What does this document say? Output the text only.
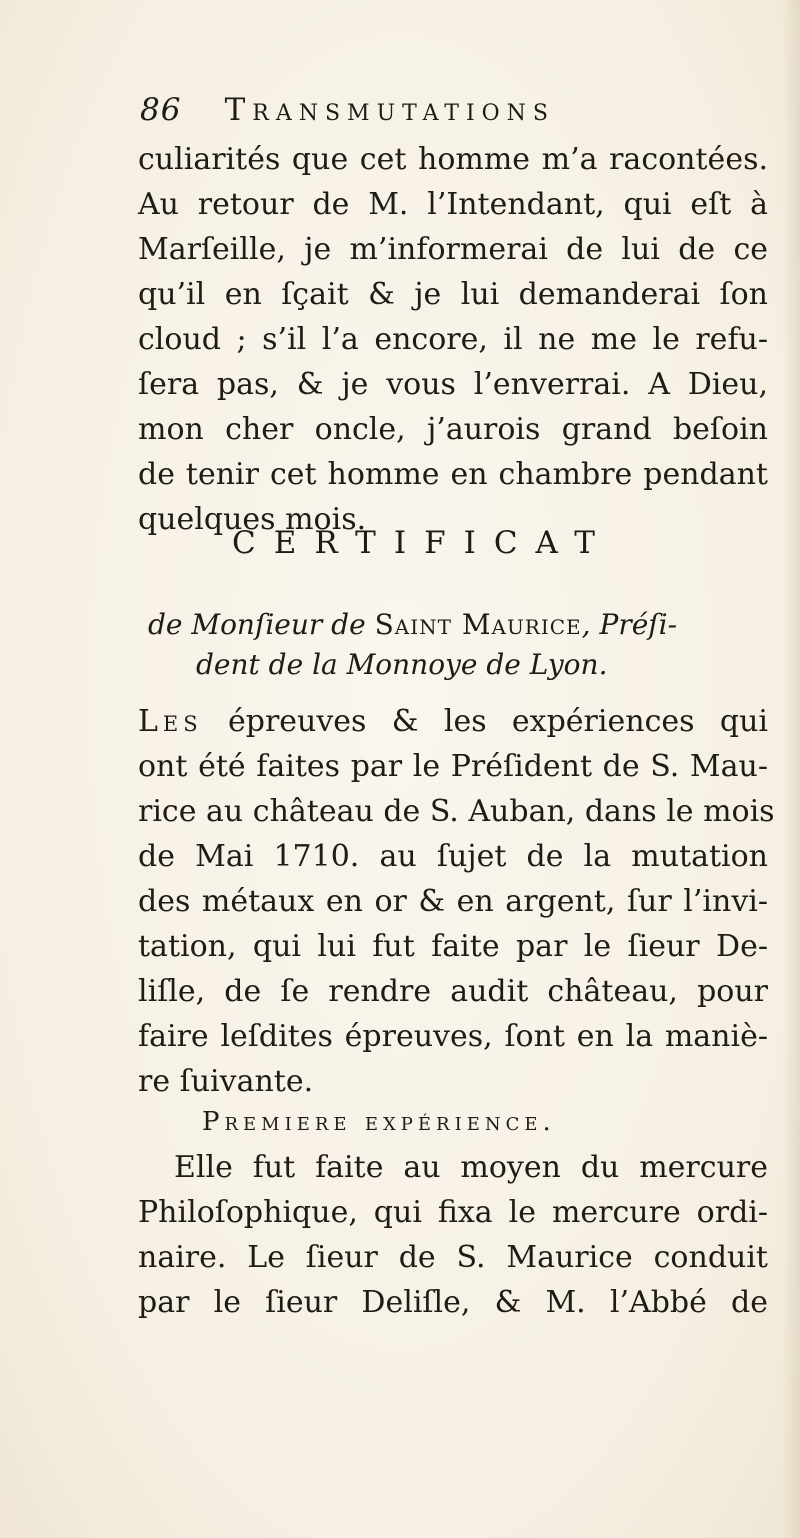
86 Transmutations
culiarités que cet homme m’a racontées.
Au retour de M. l’Intendant, qui eſt à
Marſeille, je m’informerai de lui de ce
qu’il en ſçait & je lui demanderai ſon
cloud ; s’il l’a encore, il ne me le refu-
ſera pas, & je vous l’enverrai. A Dieu,
mon cher oncle, j’aurois grand beſoin
de tenir cet homme en chambre pendant
quelques mois.
CERTIFICAT
de Monſieur de Saint Maurice, Préſi-
dent de la Monnoye de Lyon.
Les épreuves & les expériences qui
ont été faites par le Préſident de S. Mau-
rice au château de S. Auban, dans le mois
de Mai 1710. au ſujet de la mutation
des métaux en or & en argent, ſur l’invi-
tation, qui lui fut faite par le ſieur De-
liſle, de ſe rendre audit château, pour
faire leſdites épreuves, ſont en la maniè-
re ſuivante.
Premiere expérience.
Elle fut faite au moyen du mercure
Philoſophique, qui fixa le mercure ordi-
naire. Le ſieur de S. Maurice conduit
par le ſieur Deliſle, & M. l’Abbé de
